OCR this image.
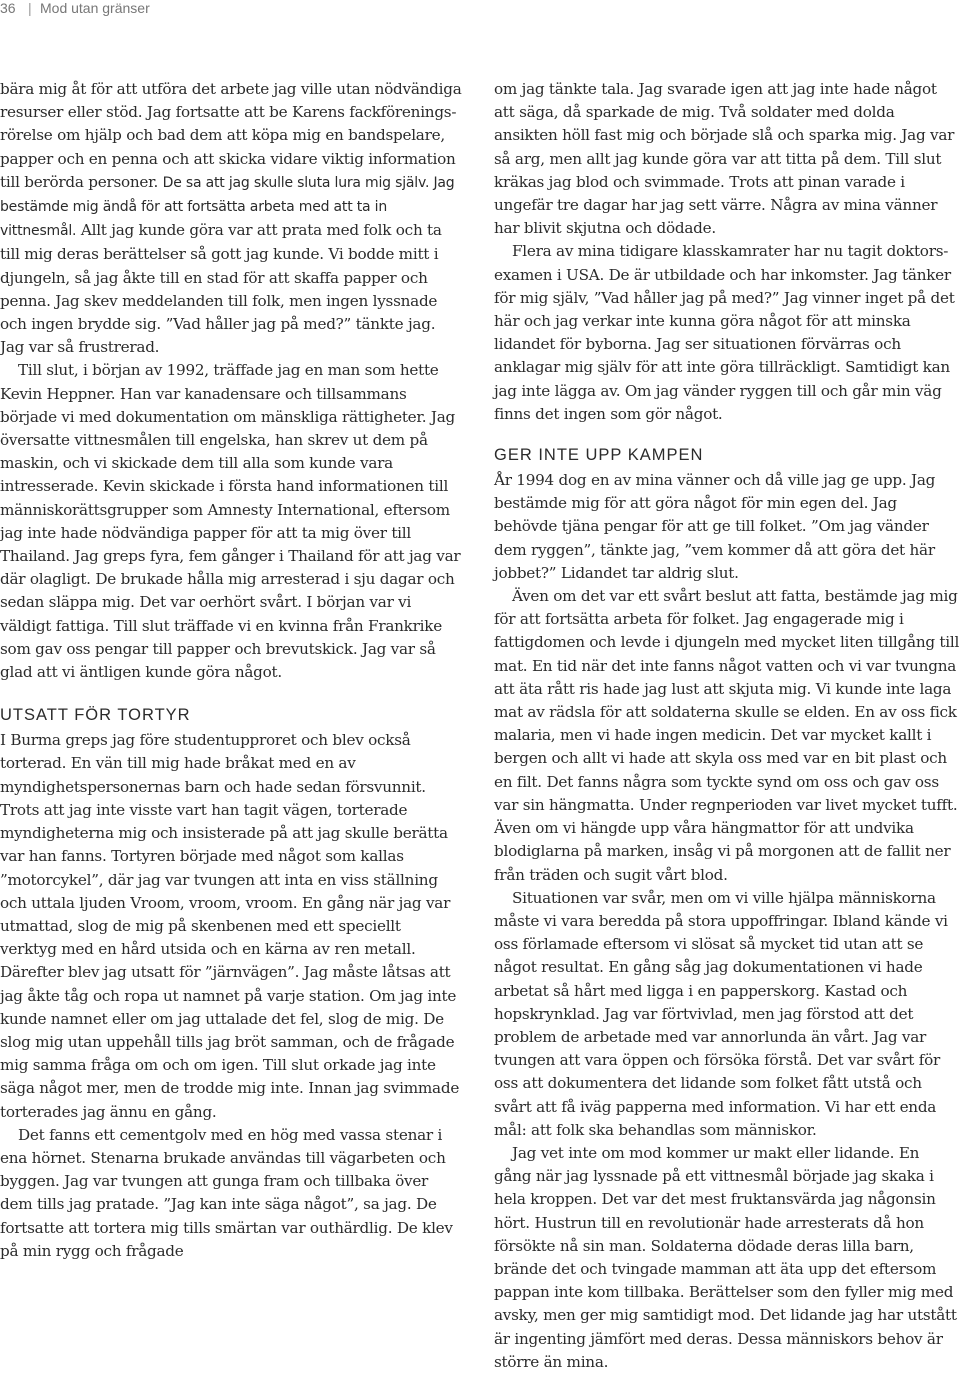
36 | Mod utan gränser

bära mig åt för att utföra det arbete jag ville utan nödvändiga resurser eller stöd. Jag fortsatte att be Karens fackföreningsrörelse om hjälp och bad dem att köpa mig en bandspelare, papper och en penna och att skicka vidare viktig information till berörda personer. De sa att jag skulle sluta lura mig själv. Jag bestämde mig ändå för att fortsätta arbeta med att ta in vittnesmål. Allt jag kunde göra var att prata med folk och ta till mig deras berättelser så gott jag kunde. Vi bodde mitt i djungeln, så jag åkte till en stad för att skaffa papper och penna. Jag skev meddelanden till folk, men ingen lyssnade och ingen brydde sig. ”Vad håller jag på med?” tänkte jag. Jag var så frustrerad.

Till slut, i början av 1992, träffade jag en man som hette Kevin Heppner. Han var kanadensare och tillsammans började vi med dokumentation om mänskliga rättigheter. Jag översatte vittnesmålen till engelska, han skrev ut dem på maskin, och vi skickade dem till alla som kunde vara intresserade. Kevin skickade i första hand informationen till människorättsgrupper som Amnesty International, eftersom jag inte hade nödvändiga papper för att ta mig över till Thailand. Jag greps fyra, fem gånger i Thailand för att jag var där olagligt. De brukade hålla mig arresterad i sju dagar och sedan släppa mig. Det var oerhört svårt. I början var vi väldigt fattiga. Till slut träffade vi en kvinna från Frankrike som gav oss pengar till papper och brevutskick. Jag var så glad att vi äntligen kunde göra något.

UTSATT FÖR TORTYR

I Burma greps jag före studentupproret och blev också torterad. En vän till mig hade bråkat med en av myndighetspersonernas barn och hade sedan försvunnit. Trots att jag inte visste vart han tagit vägen, torterade myndigheterna mig och insisterade på att jag skulle berätta var han fanns. Tortyren började med något som kallas ”motorcykel”, där jag var tvungen att inta en viss ställning och uttala ljuden Vroom, vroom, vroom. En gång när jag var utmattad, slog de mig på skenbenen med ett speciellt verktyg med en hård utsida och en kärna av ren metall. Därefter blev jag utsatt för ”järnvägen”. Jag måste låtsas att jag åkte tåg och ropa ut namnet på varje station. Om jag inte kunde namnet eller om jag uttalade det fel, slog de mig. De slog mig utan uppehåll tills jag bröt samman, och de frågade mig samma fråga om och om igen. Till slut orkade jag inte säga något mer, men de trodde mig inte. Innan jag svimmade torterades jag ännu en gång.

Det fanns ett cementgolv med en hög med vassa stenar i ena hörnet. Stenarna brukade användas till vägarbeten och byggen. Jag var tvungen att gunga fram och tillbaka över dem tills jag pratade. ”Jag kan inte säga något”, sa jag. De fortsatte att tortera mig tills smärtan var outhärdlig. De klev på min rygg och frågade

om jag tänkte tala. Jag svarade igen att jag inte hade något att säga, då sparkade de mig. Två soldater med dolda ansikten höll fast mig och började slå och sparka mig. Jag var så arg, men allt jag kunde göra var att titta på dem. Till slut kräkas jag blod och svimmade. Trots att pinan varade i ungefär tre dagar har jag sett värre. Några av mina vänner har blivit skjutna och dödade.

Flera av mina tidigare klasskamrater har nu tagit doktorsexamen i USA. De är utbildade och har inkomster. Jag tänker för mig själv, ”Vad håller jag på med?” Jag vinner inget på det här och jag verkar inte kunna göra något för att minska lidandet för byborna. Jag ser situationen förvärras och anklagar mig själv för att inte göra tillräckligt. Samtidigt kan jag inte lägga av. Om jag vänder ryggen till och går min väg finns det ingen som gör något.

GER INTE UPP KAMPEN

År 1994 dog en av mina vänner och då ville jag ge upp. Jag bestämde mig för att göra något för min egen del. Jag behövde tjäna pengar för att ge till folket. ”Om jag vänder dem ryggen”, tänkte jag, ”vem kommer då att göra det här jobbet?” Lidandet tar aldrig slut.

Även om det var ett svårt beslut att fatta, bestämde jag mig för att fortsätta arbeta för folket. Jag engagerade mig i fattigdomen och levde i djungeln med mycket liten tillgång till mat. En tid när det inte fanns något vatten och vi var tvungna att äta rått ris hade jag lust att skjuta mig. Vi kunde inte laga mat av rädsla för att soldaterna skulle se elden. En av oss fick malaria, men vi hade ingen medicin. Det var mycket kallt i bergen och allt vi hade att skyla oss med var en bit plast och en filt. Det fanns några som tyckte synd om oss och gav oss var sin hängmatta. Under regnperioden var livet mycket tufft. Även om vi hängde upp våra hängmattor för att undvika blodiglarna på marken, insåg vi på morgonen att de fallit ner från träden och sugit vårt blod.

Situationen var svår, men om vi ville hjälpa människorna måste vi vara beredda på stora uppoffringar. Ibland kände vi oss förlamade eftersom vi slösat så mycket tid utan att se något resultat. En gång såg jag dokumentationen vi hade arbetat så hårt med ligga i en papperskorg. Kastad och hopskrynklad. Jag var förtvivlad, men jag förstod att det problem de arbetade med var annorlunda än vårt. Jag var tvungen att vara öppen och försöka förstå. Det var svårt för oss att dokumentera det lidande som folket fått utstå och svårt att få iväg papperna med information. Vi har ett enda mål: att folk ska behandlas som människor.

Jag vet inte om mod kommer ur makt eller lidande. En gång när jag lyssnade på ett vittnesmål började jag skaka i hela kroppen. Det var det mest fruktansvärda jag någonsin hört. Hustrun till en revolutionär hade arresterats då hon försökte nå sin man. Soldaterna dödade deras lilla barn, brände det och tvingade mamman att äta upp det eftersom pappan inte kom tillbaka. Berättelser som den fyller mig med avsky, men ger mig samtidigt mod. Det lidande jag har utstått är ingenting jämfört med deras. Dessa människors behov är större än mina.
